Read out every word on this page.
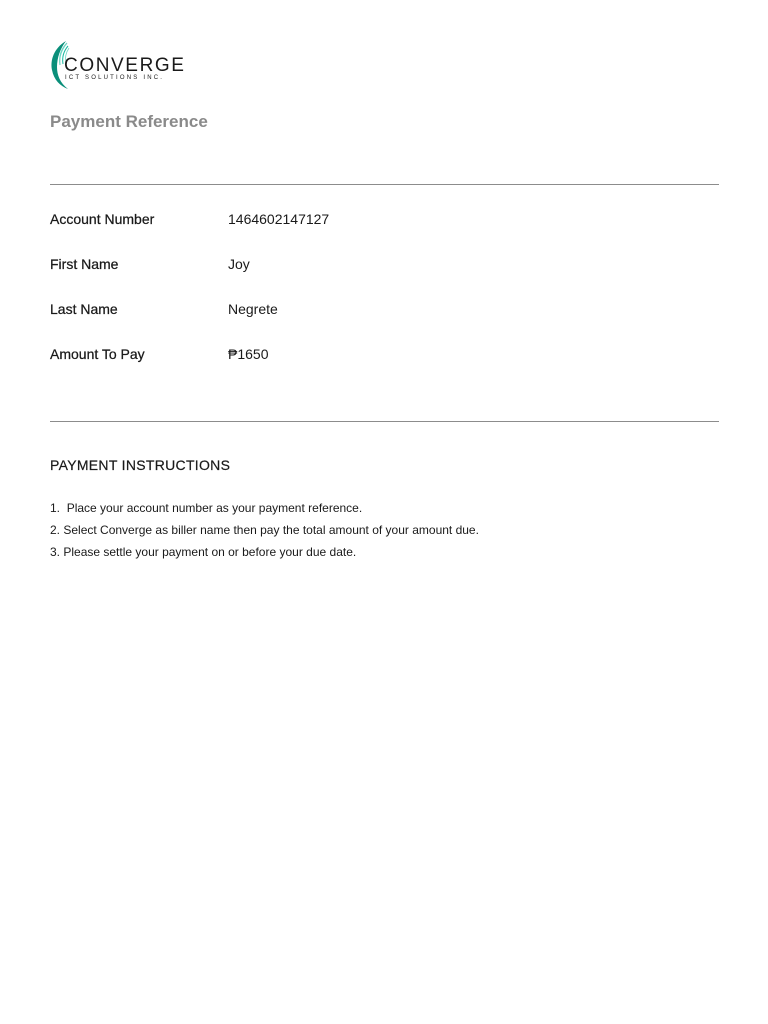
CONVERGE
ICT SOLUTIONS INC.
Payment Reference
Account Number	1464602147127
First Name	Joy
Last Name	Negrete
Amount To Pay	₱1650
PAYMENT INSTRUCTIONS
1. Place your account number as your payment reference.
2. Select Converge as biller name then pay the total amount of your amount due.
3. Please settle your payment on or before your due date.
